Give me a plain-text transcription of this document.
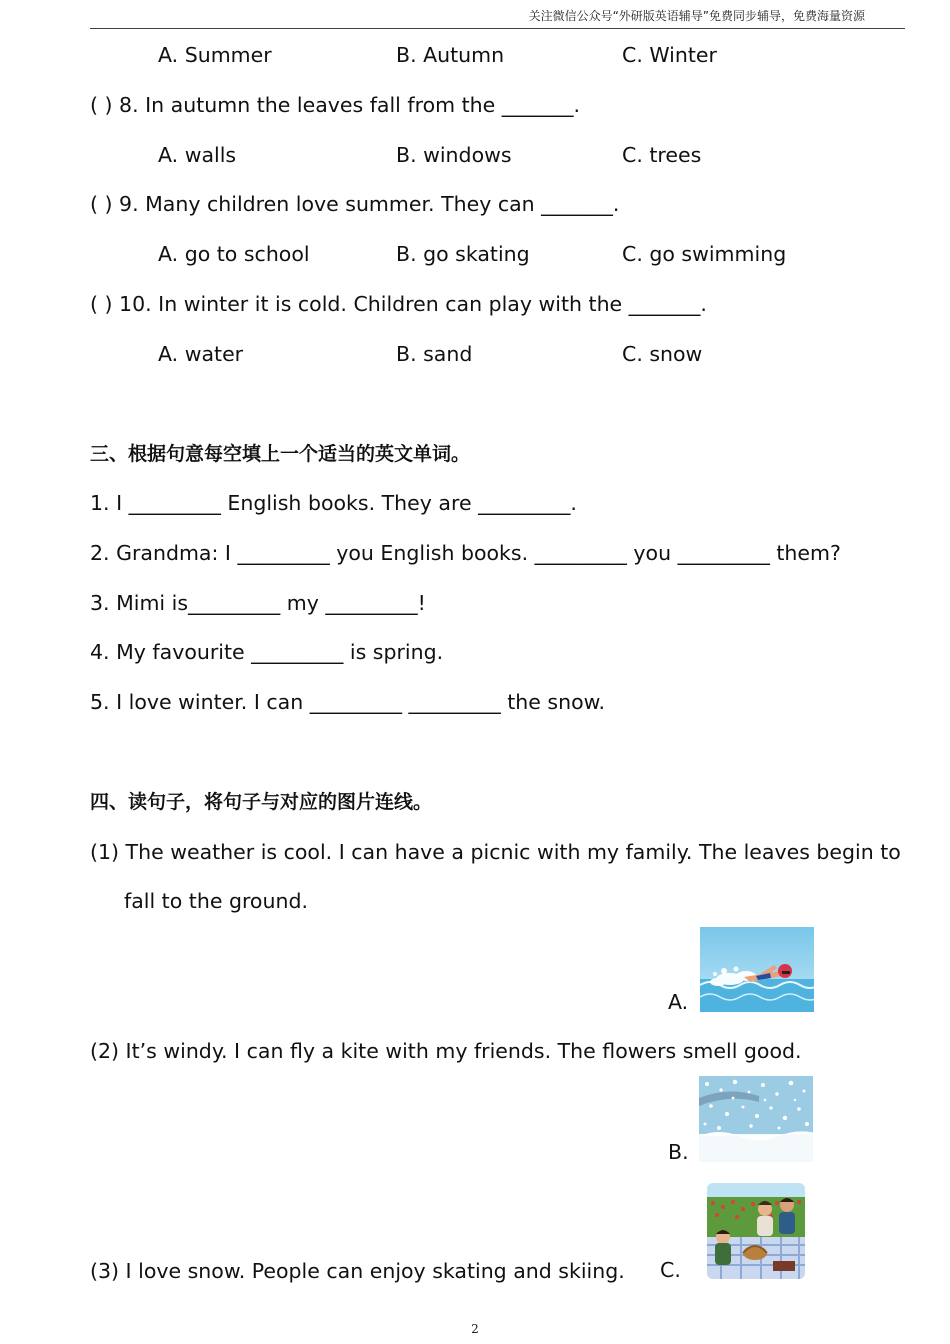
关注微信公众号“外研版英语辅导”免费同步辅导，免费海量资源
A. Summer	B. Autumn	C. Winter
( ) 8. In autumn the leaves fall from the _______.
A. walls	B. windows	C. trees
( ) 9. Many children love summer. They can _______.
A. go to school	B. go skating	C. go swimming
( ) 10. In winter it is cold. Children can play with the _______.
A. water	B. sand	C. snow
三、根据句意每空填上一个适当的英文单词。
1. I _________ English books. They are _________.
2. Grandma: I _________ you English books. _________ you _________ them?
3. Mimi is_________ my _________!
4. My favourite _________ is spring.
5. I love winter. I can _________ _________ the snow.
四、读句子，将句子与对应的图片连线。
(1) The weather is cool. I can have a picnic with my family. The leaves begin to
fall to the ground.
(2) It’s windy. I can fly a kite with my friends. The flowers smell good.
(3) I love snow. People can enjoy skating and skiing.
A.
B.
C.
2
